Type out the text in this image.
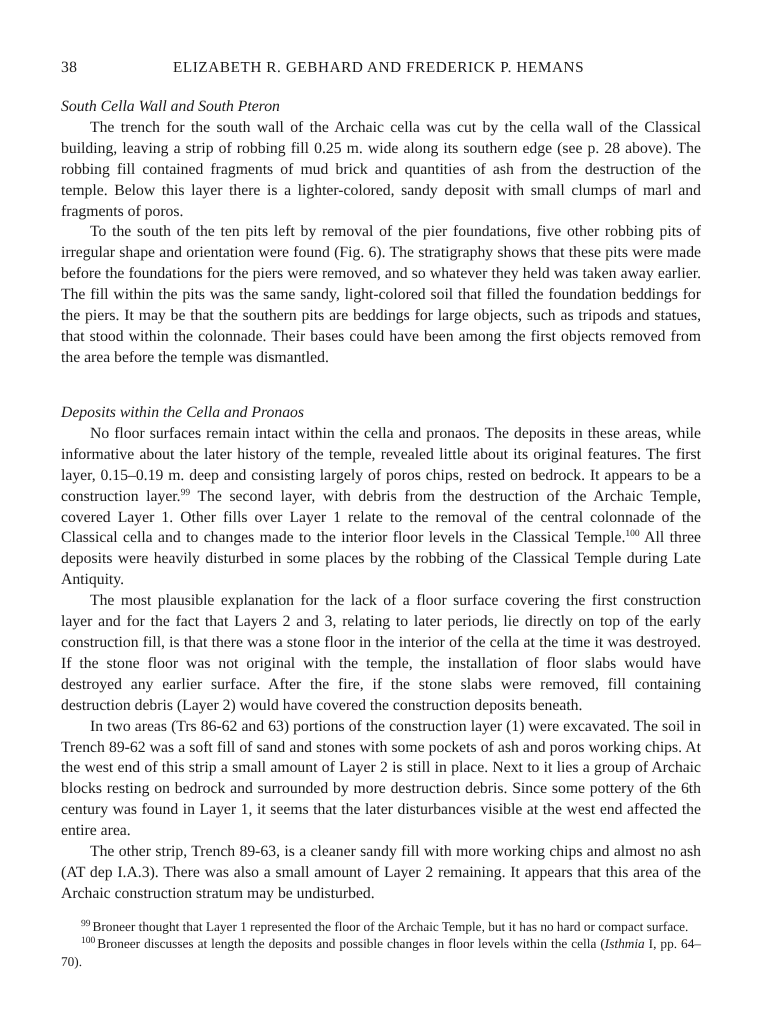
38	ELIZABETH R. GEBHARD AND FREDERICK P. HEMANS
South Cella Wall and South Pteron

The trench for the south wall of the Archaic cella was cut by the cella wall of the Classical building, leaving a strip of robbing fill 0.25 m. wide along its southern edge (see p. 28 above). The robbing fill contained fragments of mud brick and quantities of ash from the destruction of the temple. Below this layer there is a lighter-colored, sandy deposit with small clumps of marl and fragments of poros.

To the south of the ten pits left by removal of the pier foundations, five other robbing pits of irregular shape and orientation were found (Fig. 6). The stratigraphy shows that these pits were made before the foundations for the piers were removed, and so whatever they held was taken away earlier. The fill within the pits was the same sandy, light-colored soil that filled the foundation beddings for the piers. It may be that the southern pits are beddings for large objects, such as tripods and statues, that stood within the colonnade. Their bases could have been among the first objects removed from the area before the temple was dismantled.

Deposits within the Cella and Pronaos

No floor surfaces remain intact within the cella and pronaos. The deposits in these areas, while informative about the later history of the temple, revealed little about its original features. The first layer, 0.15–0.19 m. deep and consisting largely of poros chips, rested on bedrock. It appears to be a construction layer.$^{99}$ The second layer, with debris from the destruction of the Archaic Temple, covered Layer 1. Other fills over Layer 1 relate to the removal of the central colonnade of the Classical cella and to changes made to the interior floor levels in the Classical Temple.$^{100}$ All three deposits were heavily disturbed in some places by the robbing of the Classical Temple during Late Antiquity.

The most plausible explanation for the lack of a floor surface covering the first construction layer and for the fact that Layers 2 and 3, relating to later periods, lie directly on top of the early construction fill, is that there was a stone floor in the interior of the cella at the time it was destroyed. If the stone floor was not original with the temple, the installation of floor slabs would have destroyed any earlier surface. After the fire, if the stone slabs were removed, fill containing destruction debris (Layer 2) would have covered the construction deposits beneath.

In two areas (Trs 86-62 and 63) portions of the construction layer (1) were excavated. The soil in Trench 89-62 was a soft fill of sand and stones with some pockets of ash and poros working chips. At the west end of this strip a small amount of Layer 2 is still in place. Next to it lies a group of Archaic blocks resting on bedrock and surrounded by more destruction debris. Since some pottery of the 6th century was found in Layer 1, it seems that the later disturbances visible at the west end affected the entire area.

The other strip, Trench 89-63, is a cleaner sandy fill with more working chips and almost no ash (AT dep I.A.3). There was also a small amount of Layer 2 remaining. It appears that this area of the Archaic construction stratum may be undisturbed.

$^{99}$ Broneer thought that Layer 1 represented the floor of the Archaic Temple, but it has no hard or compact surface.

$^{100}$ Broneer discusses at length the deposits and possible changes in floor levels within the cella (Isthmia I, pp. 64–70).
